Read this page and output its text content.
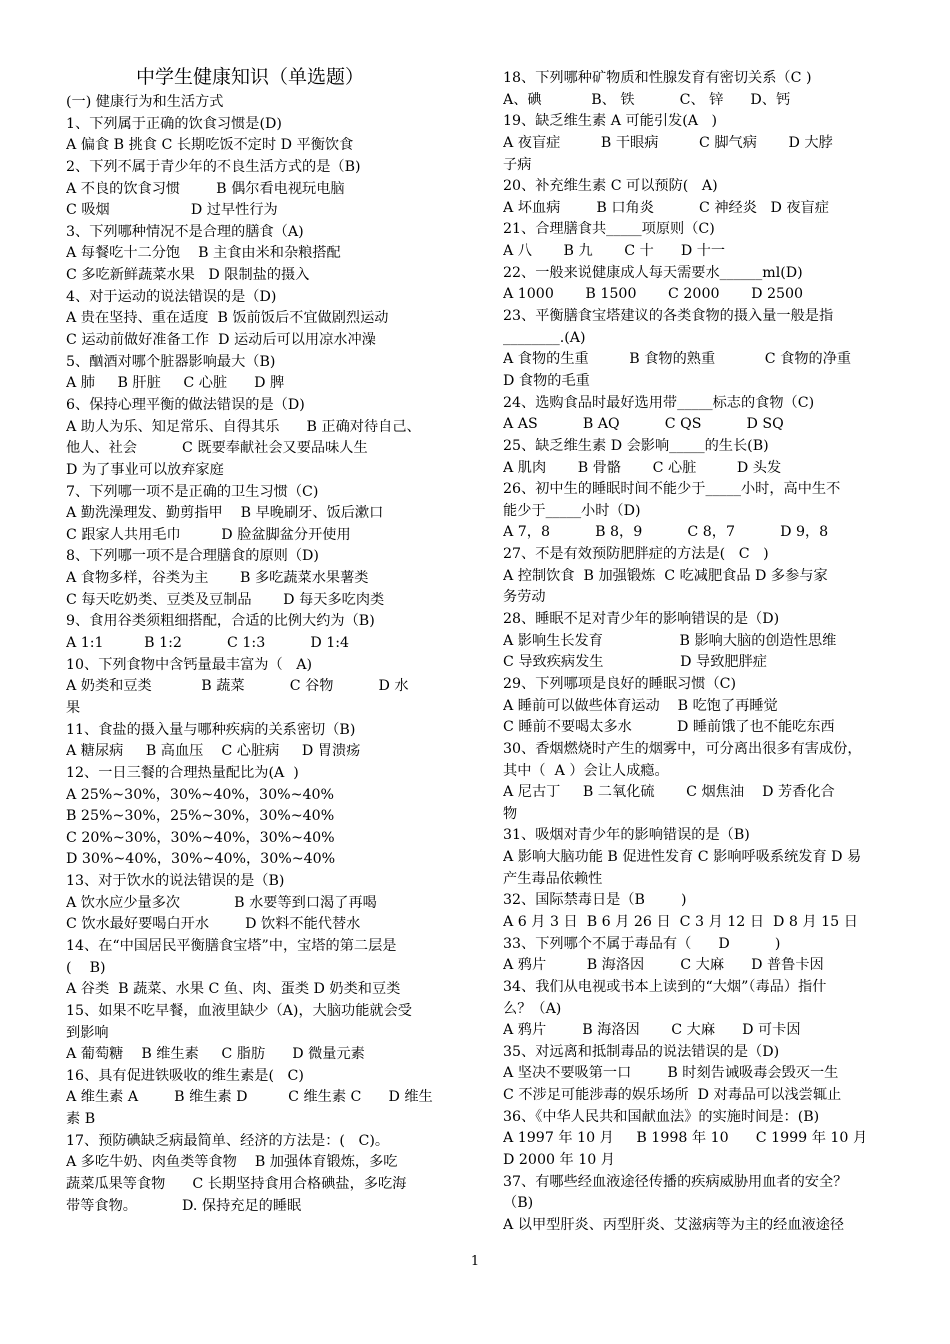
中学生健康知识（单选题）
(一) 健康行为和生活方式
1、下列属于正确的饮食习惯是(D)
A 偏食 B 挑食 C 长期吃饭不定时 D 平衡饮食
2、下列不属于青少年的不良生活方式的是（B)
A 不良的饮食习惯        B 偶尔看电视玩电脑
C 吸烟                  D 过早性行为
3、下列哪种情况不是合理的膳食（A)
A 每餐吃十二分饱    B 主食由米和杂粮搭配
C 多吃新鲜蔬菜水果   D 限制盐的摄入
4、对于运动的说法错误的是（D)
A 贵在坚持、重在适度  B 饭前饭后不宜做剧烈运动
C 运动前做好准备工作  D 运动后可以用凉水冲澡
5、酗酒对哪个脏器影响最大（B)
A 肺     B 肝脏     C 心脏      D 脾
6、保持心理平衡的做法错误的是（D)
A 助人为乐、知足常乐、自得其乐      B 正确对待自己、
他人、社会          C 既要奉献社会又要品味人生
D 为了事业可以放弃家庭
7、下列哪一项不是正确的卫生习惯（C)
A 勤洗澡理发、勤剪指甲    B 早晚刷牙、饭后漱口
C 跟家人共用毛巾         D 脸盆脚盆分开使用
8、下列哪一项不是合理膳食的原则（D)
A 食物多样，谷类为主       B 多吃蔬菜水果薯类
C 每天吃奶类、豆类及豆制品       D 每天多吃肉类
9、食用谷类须粗细搭配，合适的比例大约为（B)
A 1:1         B 1:2          C 1:3          D 1:4
10、下列食物中含钙量最丰富为（   A)
A 奶类和豆类           B 蔬菜          C 谷物          D 水
果
11、食盐的摄入量与哪种疾病的关系密切（B)
A 糖尿病     B 高血压    C 心脏病     D 胃溃疡
12、一日三餐的合理热量配比为(A  )
A 25%~30%，30%~40%，30%~40%
B 25%~30%，25%~30%，30%~40%
C 20%~30%，30%~40%，30%~40%
D 30%~40%，30%~40%，30%~40%
13、对于饮水的说法错误的是（B)
A 饮水应少量多次            B 水要等到口渴了再喝
C 饮水最好要喝白开水        D 饮料不能代替水
14、在“中国居民平衡膳食宝塔”中，宝塔的第二层是
(    B)
A 谷类  B 蔬菜、水果 C 鱼、肉、蛋类 D 奶类和豆类
15、如果不吃早餐，血液里缺少（A)，大脑功能就会受
到影响
A 葡萄糖    B 维生素     C 脂肪      D 微量元素
16、具有促进铁吸收的维生素是(   C)
A 维生素 A        B 维生素 D         C 维生素 C      D 维生
素 B
17、预防碘缺乏病最简单、经济的方法是：(   C)。
A 多吃牛奶、肉鱼类等食物    B 加强体育锻炼，多吃
蔬菜瓜果等食物      C 长期坚持食用合格碘盐，多吃海
带等食物。          D. 保持充足的睡眠
18、下列哪种矿物质和性腺发育有密切关系（C )
A、碘           B、 铁          C、 锌      D、钙
19、缺乏维生素 A 可能引发(A   )
A 夜盲症         B 干眼病         C 脚气病       D 大脖
子病
20、补充维生素 C 可以预防(   A)
A 坏血病        B 口角炎          C 神经炎   D 夜盲症
21、合理膳食共_____项原则（C)
A 八       B 九       C 十      D 十一
22、一般来说健康成人每天需要水______ml(D)
A 1000       B 1500       C 2000       D 2500
23、平衡膳食宝塔建议的各类食物的摄入量一般是指
________.(A)
A 食物的生重         B 食物的熟重           C 食物的净重
D 食物的毛重
24、选购食品时最好选用带_____标志的食物（C)
A AS          B AQ          C QS          D SQ
25、缺乏维生素 D 会影响_____的生长(B)
A 肌肉       B 骨骼       C 心脏         D 头发
26、初中生的睡眠时间不能少于_____小时，高中生不
能少于_____小时（D)
A 7，8          B 8，9          C 8，7          D 9，8
27、不是有效预防肥胖症的方法是(   C   )
A 控制饮食  B 加强锻炼  C 吃减肥食品 D 多参与家
务劳动
28、睡眠不足对青少年的影响错误的是（D)
A 影响生长发育                 B 影响大脑的创造性思维
C 导致疾病发生                 D 导致肥胖症
29、下列哪项是良好的睡眠习惯（C)
A 睡前可以做些体育运动    B 吃饱了再睡觉
C 睡前不要喝太多水          D 睡前饿了也不能吃东西
30、香烟燃烧时产生的烟雾中，可分离出很多有害成份，
其中（  A ）会让人成瘾。
A 尼古丁     B 二氧化硫       C 烟焦油    D 芳香化合
物
31、吸烟对青少年的影响错误的是（B)
A 影响大脑功能 B 促进性发育 C 影响呼吸系统发育 D 易
产生毒品依赖性
32、国际禁毒日是（B        )
A 6 月 3 日  B 6 月 26 日  C 3 月 12 日  D 8 月 15 日
33、下列哪个不属于毒品有（      D          )
A 鸦片         B 海洛因        C 大麻      D 普鲁卡因
34、我们从电视或书本上读到的“大烟”（毒品）指什
么？（A)
A 鸦片        B 海洛因       C 大麻      D 可卡因
35、对远离和抵制毒品的说法错误的是（D)
A 坚决不要吸第一口        B 时刻告诫吸毒会毁灭一生
C 不涉足可能涉毒的娱乐场所  D 对毒品可以浅尝辄止
36、《中华人民共和国献血法》的实施时间是：(B)
A 1997 年 10 月     B 1998 年 10      C 1999 年 10 月
D 2000 年 10 月
37、有哪些经血液途径传播的疾病威胁用血者的安全？
（B)
A 以甲型肝炎、丙型肝炎、艾滋病等为主的经血液途径
1
